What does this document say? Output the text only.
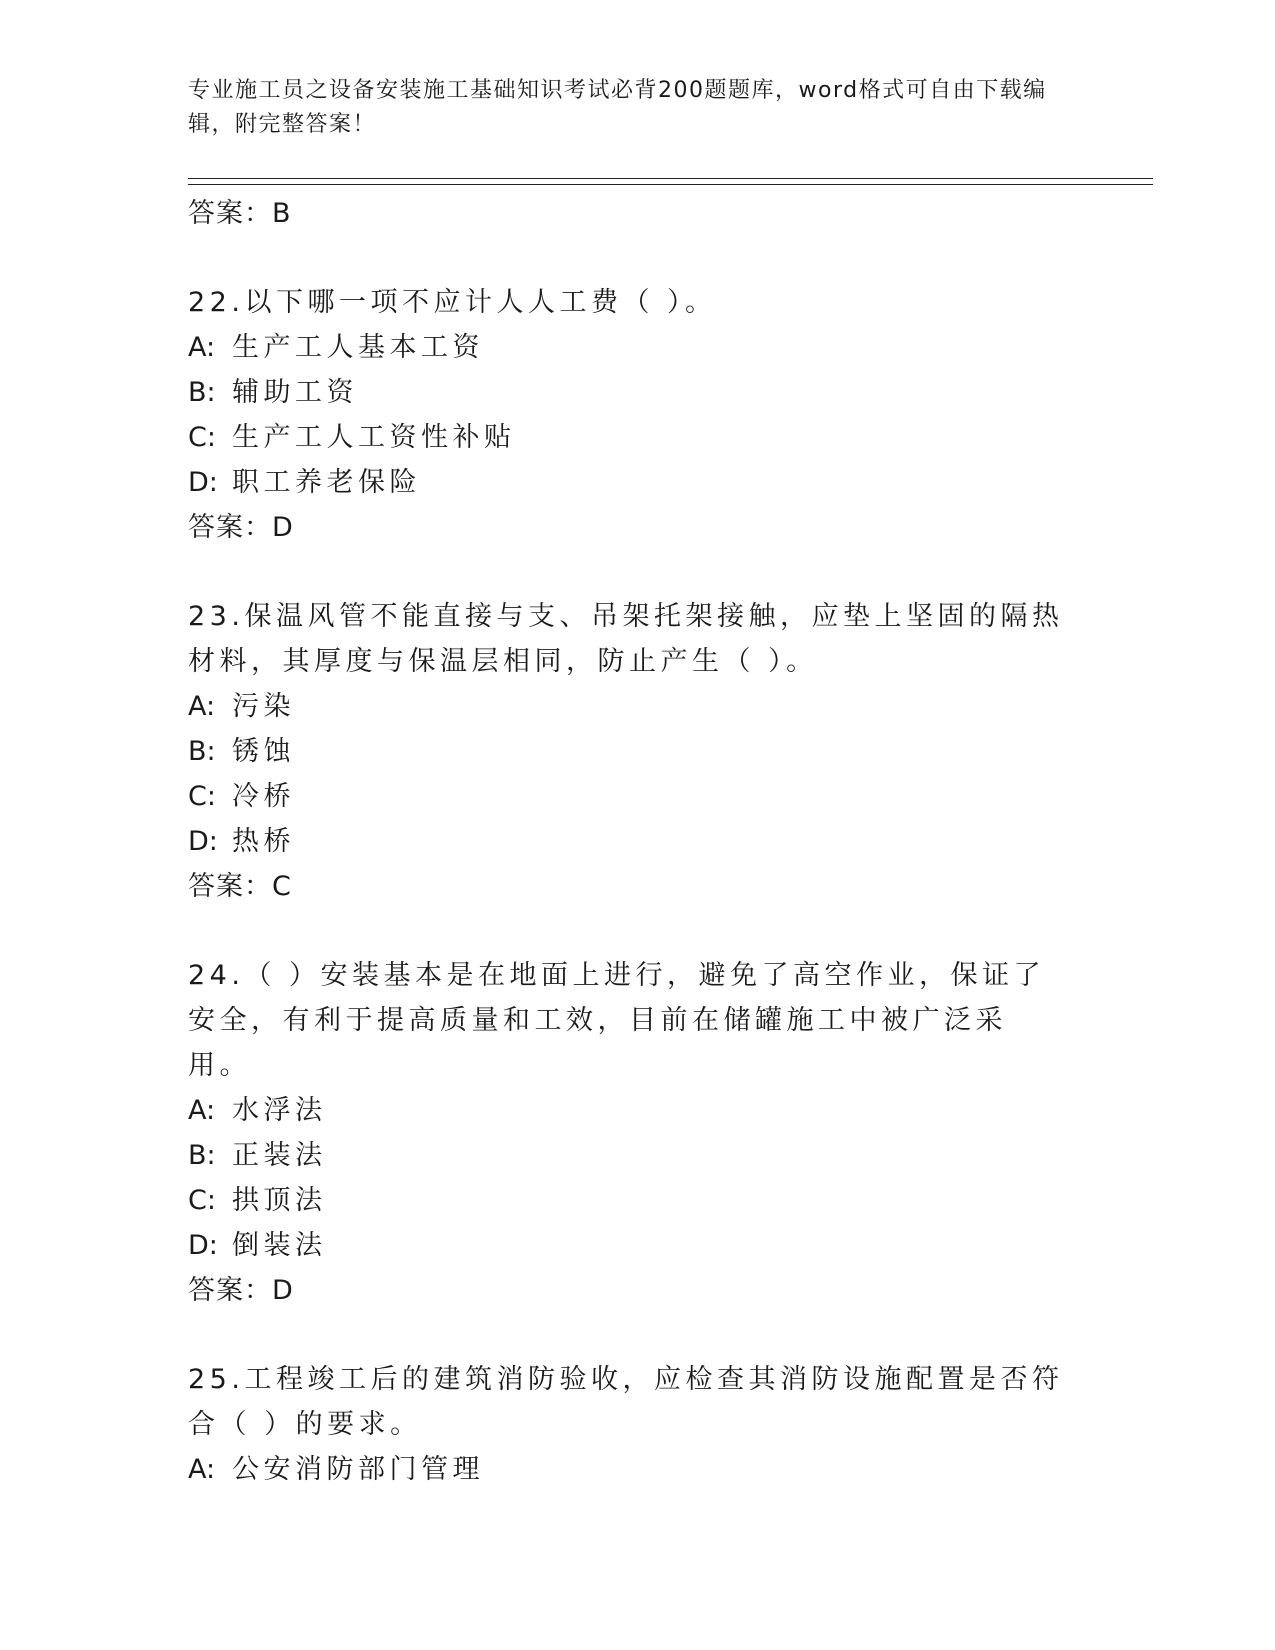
专业施工员之设备安装施工基础知识考试必背200题题库，word格式可自由下载编辑，附完整答案！

答案：B

22.以下哪一项不应计人人工费（ ）。

A: 生产工人基本工资

B: 辅助工资

C: 生产工人工资性补贴

D: 职工养老保险

答案：D

23.保温风管不能直接与支、吊架托架接触，应垫上坚固的隔热材料，其厚度与保温层相同，防止产生（ ）。

A: 污染

B: 锈蚀

C: 冷桥

D: 热桥

答案：C

24.（ ）安装基本是在地面上进行，避免了高空作业，保证了安全，有利于提高质量和工效，目前在储罐施工中被广泛采用。

A: 水浮法

B: 正装法

C: 拱顶法

D: 倒装法

答案：D

25.工程竣工后的建筑消防验收，应检查其消防设施配置是否符合（ ）的要求。

A: 公安消防部门管理
